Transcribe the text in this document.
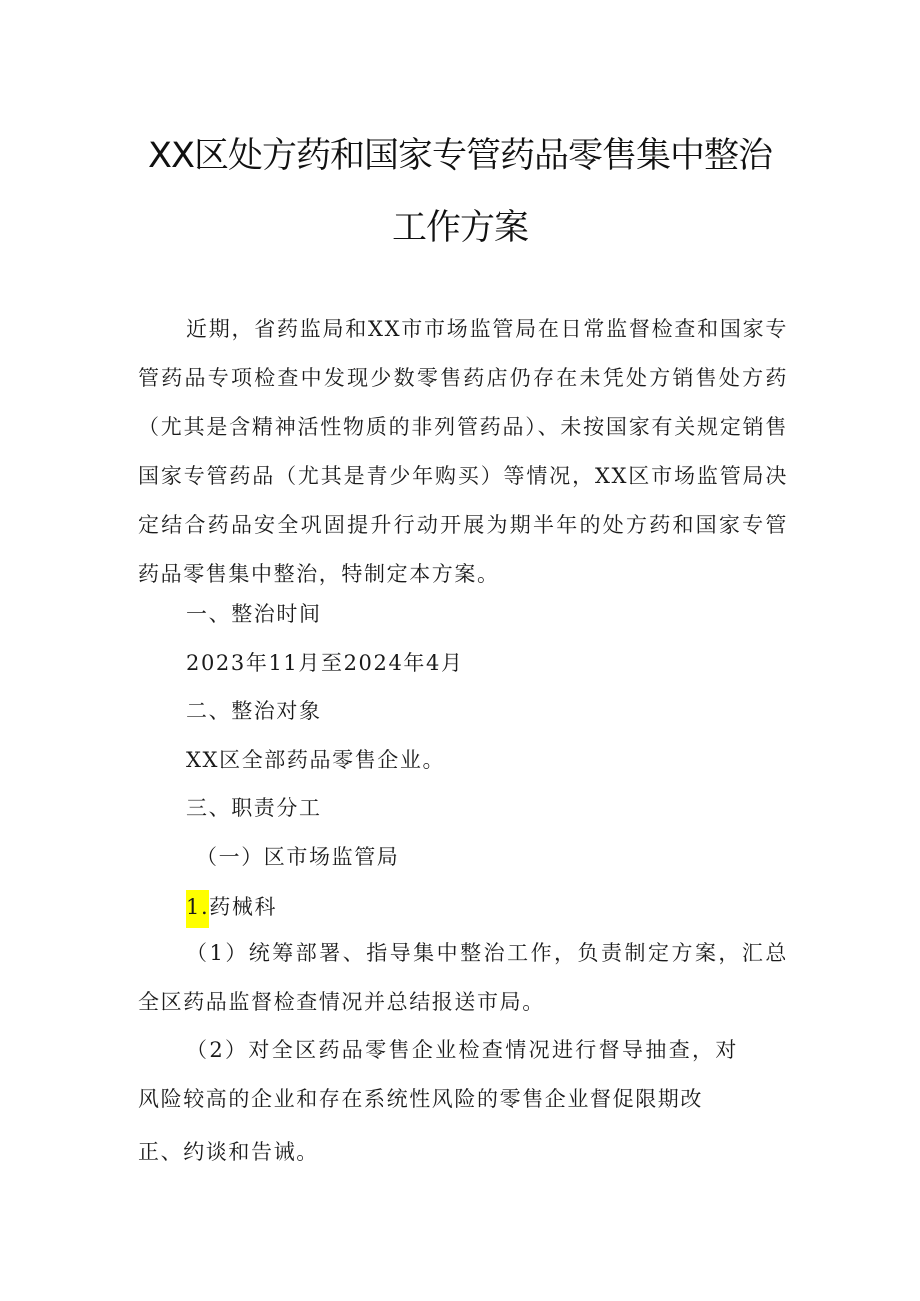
XX区处方药和国家专管药品零售集中整治
工作方案

近期，省药监局和XX市市场监管局在日常监督检查和国家专管药品专项检查中发现少数零售药店仍存在未凭处方销售处方药（尤其是含精神活性物质的非列管药品）、未按国家有关规定销售国家专管药品（尤其是青少年购买）等情况，XX区市场监管局决定结合药品安全巩固提升行动开展为期半年的处方药和国家专管药品零售集中整治，特制定本方案。

一、整治时间
2023年11月至2024年4月
二、整治对象
XX区全部药品零售企业。
三、职责分工
（一）区市场监管局
1.药械科

（1）统筹部署、指导集中整治工作，负责制定方案，汇总全区药品监督检查情况并总结报送市局。

（2）对全区药品零售企业检查情况进行督导抽查，对风险较高的企业和存在系统性风险的零售企业督促限期改

正、约谈和告诫。
